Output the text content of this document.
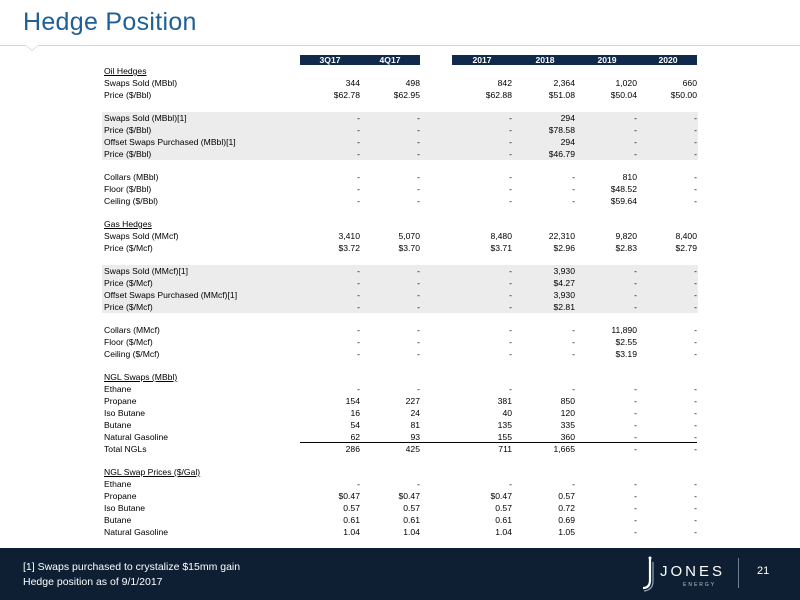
Hedge Position
3Q17	4Q17	2017	2018	2019	2020
Oil Hedges
Swaps Sold (MBbl)	344	498	842	2,364	1,020	660
Price ($/Bbl)	$62.78	$62.95	$62.88	$51.08	$50.04	$50.00
Swaps Sold (MBbl)[1]	-	-	-	294	-	-
Price ($/Bbl)	-	-	-	$78.58	-	-
Offset Swaps Purchased (MBbl)[1]	-	-	-	294	-	-
Price ($/Bbl)	-	-	-	$46.79	-	-
Collars (MBbl)	-	-	-	-	810	-
Floor ($/Bbl)	-	-	-	-	$48.52	-
Ceiling ($/Bbl)	-	-	-	-	$59.64	-
Gas Hedges
Swaps Sold (MMcf)	3,410	5,070	8,480	22,310	9,820	8,400
Price ($/Mcf)	$3.72	$3.70	$3.71	$2.96	$2.83	$2.79
Swaps Sold (MMcf)[1]	-	-	-	3,930	-	-
Price ($/Mcf)	-	-	-	$4.27	-	-
Offset Swaps Purchased (MMcf)[1]	-	-	-	3,930	-	-
Price ($/Mcf)	-	-	-	$2.81	-	-
Collars (MMcf)	-	-	-	-	11,890	-
Floor ($/Mcf)	-	-	-	-	$2.55	-
Ceiling ($/Mcf)	-	-	-	-	$3.19	-
NGL Swaps (MBbl)
Ethane	-	-	-	-	-	-
Propane	154	227	381	850	-	-
Iso Butane	16	24	40	120	-	-
Butane	54	81	135	335	-	-
Natural Gasoline	62	93	155	360	-	-
Total NGLs	286	425	711	1,665	-	-
NGL Swap Prices ($/Gal)
Ethane	-	-	-	-	-	-
Propane	$0.47	$0.47	$0.47	0.57	-	-
Iso Butane	0.57	0.57	0.57	0.72	-	-
Butane	0.61	0.61	0.61	0.69	-	-
Natural Gasoline	1.04	1.04	1.04	1.05	-	-
[1] Swaps purchased to crystalize $15mm gain
Hedge position as of 9/1/2017
JONES
ENERGY
21
